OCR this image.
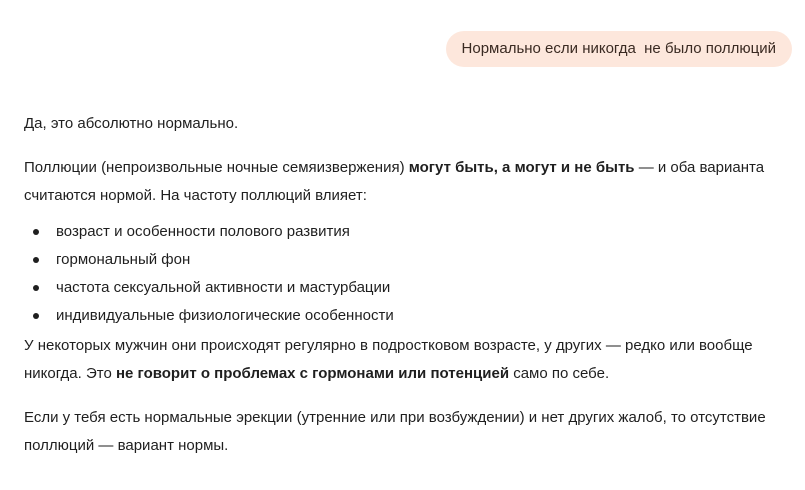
Нормально если никогда  не было поллюций

Да, это абсолютно нормально.

Поллюции (непроизвольные ночные семяизвержения) могут быть, а могут и не быть — и оба варианта считаются нормой. На частоту поллюций влияет:

возраст и особенности полового развития
гормональный фон
частота сексуальной активности и мастурбации
индивидуальные физиологические особенности

У некоторых мужчин они происходят регулярно в подростковом возрасте, у других — редко или вообще никогда. Это не говорит о проблемах с гормонами или потенцией само по себе.

Если у тебя есть нормальные эрекции (утренние или при возбуждении) и нет других жалоб, то отсутствие поллюций — вариант нормы.
